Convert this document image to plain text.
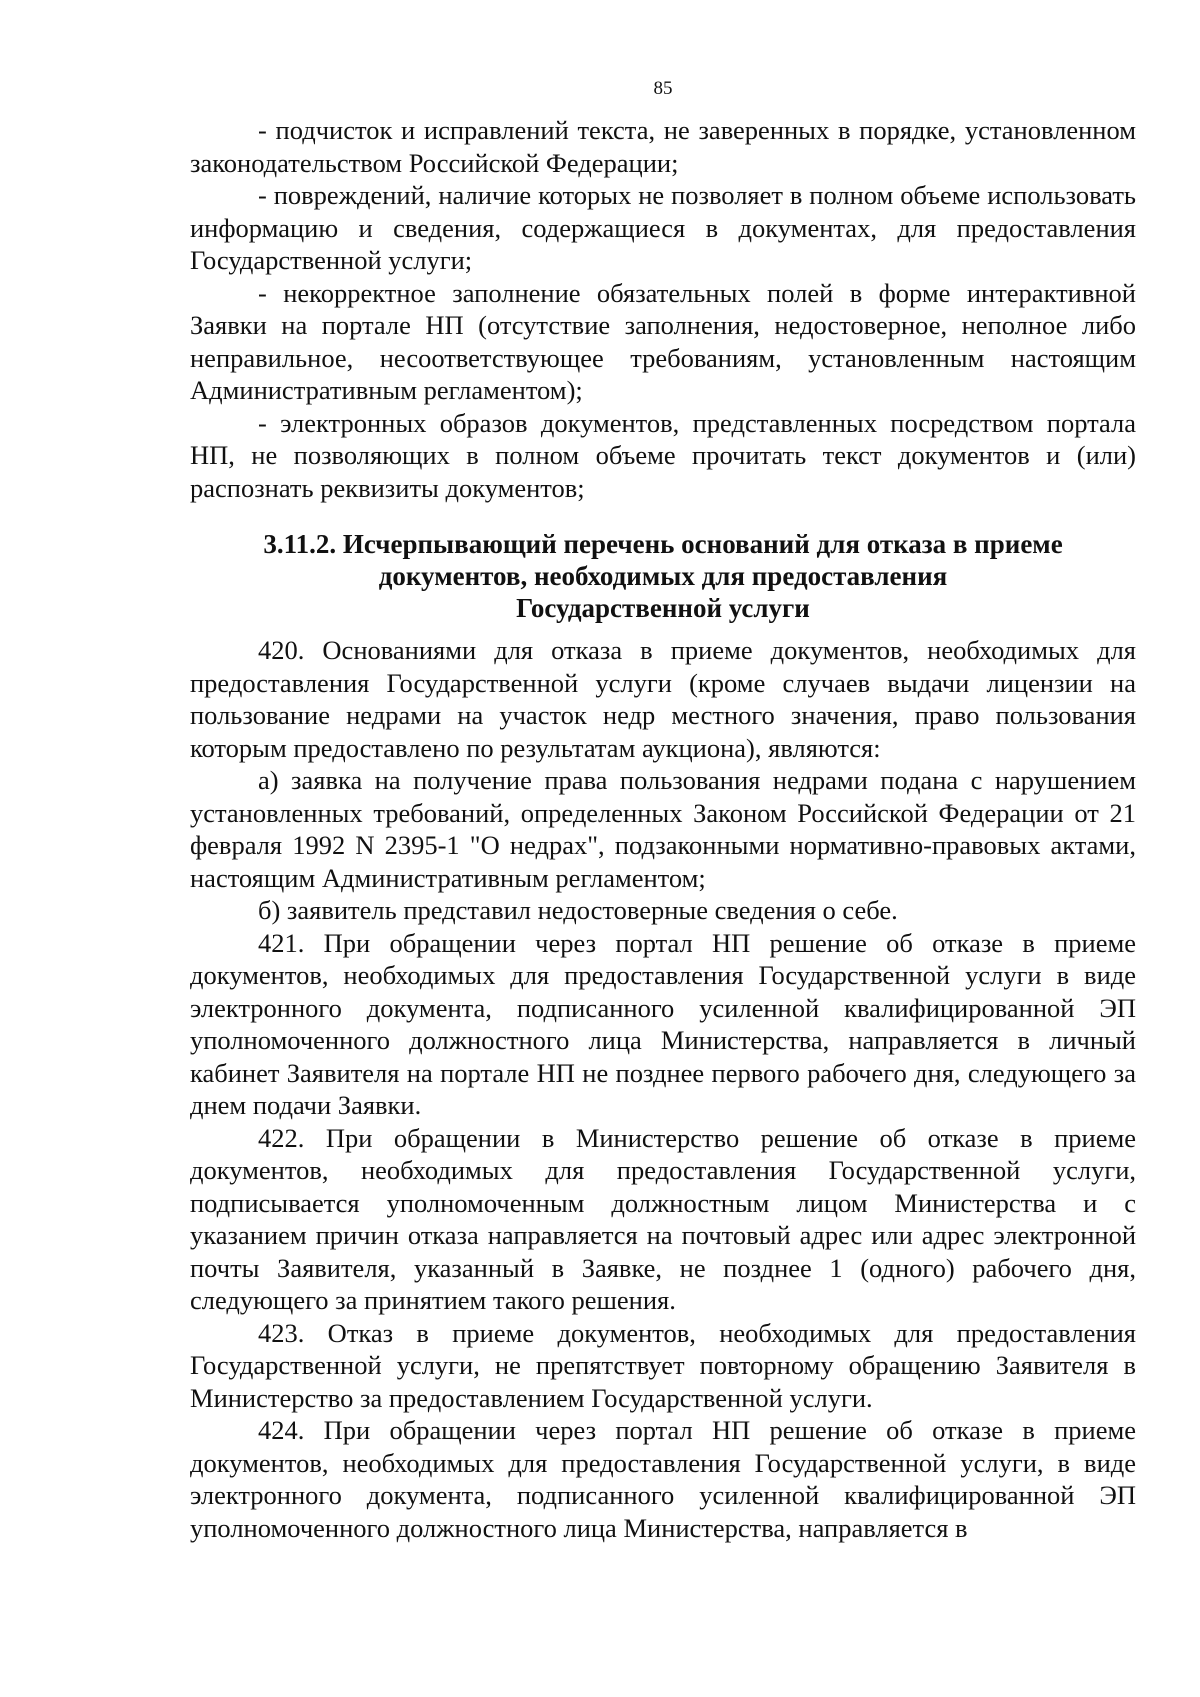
85

- подчисток и исправлений текста, не заверенных в порядке, установленном законодательством Российской Федерации;

- повреждений, наличие которых не позволяет в полном объеме использовать информацию и сведения, содержащиеся в документах, для предоставления Государственной услуги;

- некорректное заполнение обязательных полей в форме интерактивной Заявки на портале НП (отсутствие заполнения, недостоверное, неполное либо неправильное, несоответствующее требованиям, установленным настоящим Административным регламентом);

- электронных образов документов, представленных посредством портала НП, не позволяющих в полном объеме прочитать текст документов и (или) распознать реквизиты документов;

3.11.2. Исчерпывающий перечень оснований для отказа в приеме
документов, необходимых для предоставления
Государственной услуги

420. Основаниями для отказа в приеме документов, необходимых для предоставления Государственной услуги (кроме случаев выдачи лицензии на пользование недрами на участок недр местного значения, право пользования которым предоставлено по результатам аукциона), являются:

а) заявка на получение права пользования недрами подана с нарушением установленных требований, определенных Законом Российской Федерации от 21 февраля 1992 N 2395-1 "О недрах", подзаконными нормативно-правовых актами, настоящим Административным регламентом;

б) заявитель представил недостоверные сведения о себе.

421. При обращении через портал НП решение об отказе в приеме документов, необходимых для предоставления Государственной услуги в виде электронного документа, подписанного усиленной квалифицированной ЭП уполномоченного должностного лица Министерства, направляется в личный кабинет Заявителя на портале НП не позднее первого рабочего дня, следующего за днем подачи Заявки.

422. При обращении в Министерство решение об отказе в приеме документов, необходимых для предоставления Государственной услуги, подписывается уполномоченным должностным лицом Министерства и с указанием причин отказа направляется на почтовый адрес или адрес электронной почты Заявителя, указанный в Заявке, не позднее 1 (одного) рабочего дня, следующего за принятием такого решения.

423. Отказ в приеме документов, необходимых для предоставления Государственной услуги, не препятствует повторному обращению Заявителя в Министерство за предоставлением Государственной услуги.

424. При обращении через портал НП решение об отказе в приеме документов, необходимых для предоставления Государственной услуги, в виде электронного документа, подписанного усиленной квалифицированной ЭП уполномоченного должностного лица Министерства, направляется в
